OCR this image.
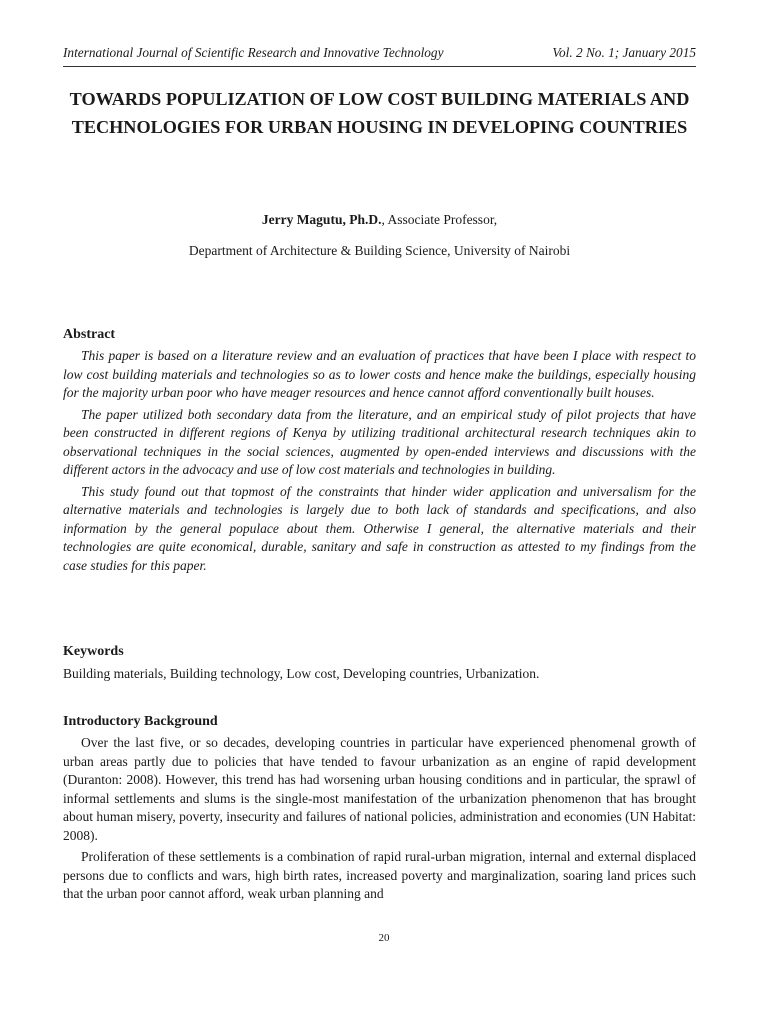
International Journal of Scientific Research and Innovative Technology	Vol. 2 No. 1; January 2015
TOWARDS POPULIZATION OF LOW COST BUILDING MATERIALS AND TECHNOLOGIES FOR URBAN HOUSING IN DEVELOPING COUNTRIES
Jerry Magutu, Ph.D., Associate Professor,
Department of Architecture & Building Science, University of Nairobi
Abstract

This paper is based on a literature review and an evaluation of practices that have been I place with respect to low cost building materials and technologies so as to lower costs and hence make the buildings, especially housing for the majority urban poor who have meager resources and hence cannot afford conventionally built houses.

The paper utilized both secondary data from the literature, and an empirical study of pilot projects that have been constructed in different regions of Kenya by utilizing traditional architectural research techniques akin to observational techniques in the social sciences, augmented by open-ended interviews and discussions with the different actors in the advocacy and use of low cost materials and technologies in building.

This study found out that topmost of the constraints that hinder wider application and universalism for the alternative materials and technologies is largely due to both lack of standards and specifications, and also information by the general populace about them. Otherwise I general, the alternative materials and their technologies are quite economical, durable, sanitary and safe in construction as attested to my findings from the case studies for this paper.

Keywords
Building materials, Building technology, Low cost, Developing countries, Urbanization.
Introductory Background

Over the last five, or so decades, developing countries in particular have experienced phenomenal growth of urban areas partly due to policies that have tended to favour urbanization as an engine of rapid development (Duranton: 2008). However, this trend has had worsening urban housing conditions and in particular, the sprawl of informal settlements and slums is the single-most manifestation of the urbanization phenomenon that has brought about human misery, poverty, insecurity and failures of national policies, administration and economies (UN Habitat: 2008).

Proliferation of these settlements is a combination of rapid rural-urban migration, internal and external displaced persons due to conflicts and wars, high birth rates, increased poverty and marginalization, soaring land prices such that the urban poor cannot afford, weak urban planning and

20
